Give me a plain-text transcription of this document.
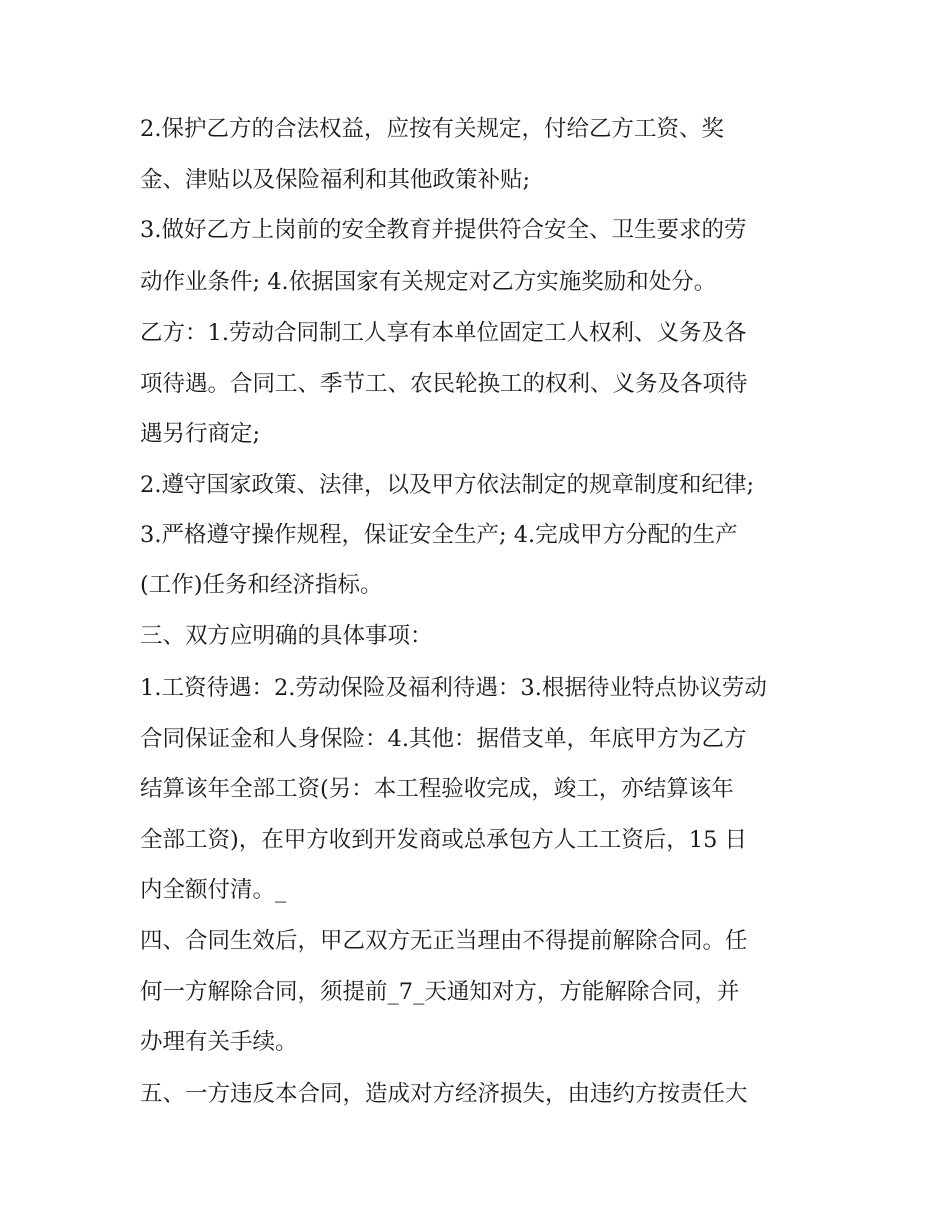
2.保护乙方的合法权益，应按有关规定，付给乙方工资、奖
金、津贴以及保险福利和其他政策补贴;
3.做好乙方上岗前的安全教育并提供符合安全、卫生要求的劳
动作业条件; 4.依据国家有关规定对乙方实施奖励和处分。
乙方：1.劳动合同制工人享有本单位固定工人权利、义务及各
项待遇。合同工、季节工、农民轮换工的权利、义务及各项待
遇另行商定;
2.遵守国家政策、法律，以及甲方依法制定的规章制度和纪律;
3.严格遵守操作规程，保证安全生产; 4.完成甲方分配的生产
(工作)任务和经济指标。
三、双方应明确的具体事项：
1.工资待遇：2.劳动保险及福利待遇：3.根据待业特点协议劳动
合同保证金和人身保险：4.其他：据借支单，年底甲方为乙方
结算该年全部工资(另：本工程验收完成，竣工，亦结算该年
全部工资)，在甲方收到开发商或总承包方人工工资后，15 日
内全额付清。_
四、合同生效后，甲乙双方无正当理由不得提前解除合同。任
何一方解除合同，须提前_7_天通知对方，方能解除合同，并
办理有关手续。
五、一方违反本合同，造成对方经济损失，由违约方按责任大
